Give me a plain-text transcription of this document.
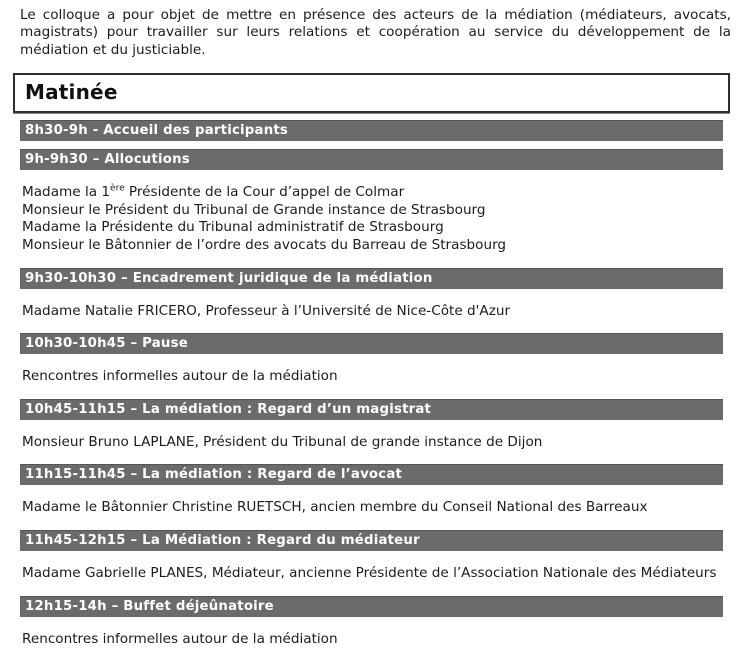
Le colloque a pour objet de mettre en présence des acteurs de la médiation (médiateurs, avocats, magistrats) pour travailler sur leurs relations et coopération au service du développement de la médiation et du justiciable.

Matinée
8h30-9h - Accueil des participants
9h-9h30 – Allocutions
Madame la 1ère Présidente de la Cour d’appel de Colmar
Monsieur le Président du Tribunal de Grande instance de Strasbourg
Madame la Présidente du Tribunal administratif de Strasbourg
Monsieur le Bâtonnier de l’ordre des avocats du Barreau de Strasbourg
9h30-10h30 – Encadrement juridique de la médiation
Madame Natalie FRICERO, Professeur à l’Université de Nice-Côte d'Azur
10h30-10h45 – Pause
Rencontres informelles autour de la médiation
10h45-11h15 – La médiation : Regard d’un magistrat
Monsieur Bruno LAPLANE, Président du Tribunal de grande instance de Dijon
11h15-11h45 – La médiation : Regard de l’avocat
Madame le Bâtonnier Christine RUETSCH, ancien membre du Conseil National des Barreaux
11h45-12h15 – La Médiation : Regard du médiateur
Madame Gabrielle PLANES, Médiateur, ancienne Présidente de l’Association Nationale des Médiateurs
12h15-14h – Buffet déjeûnatoire
Rencontres informelles autour de la médiation
